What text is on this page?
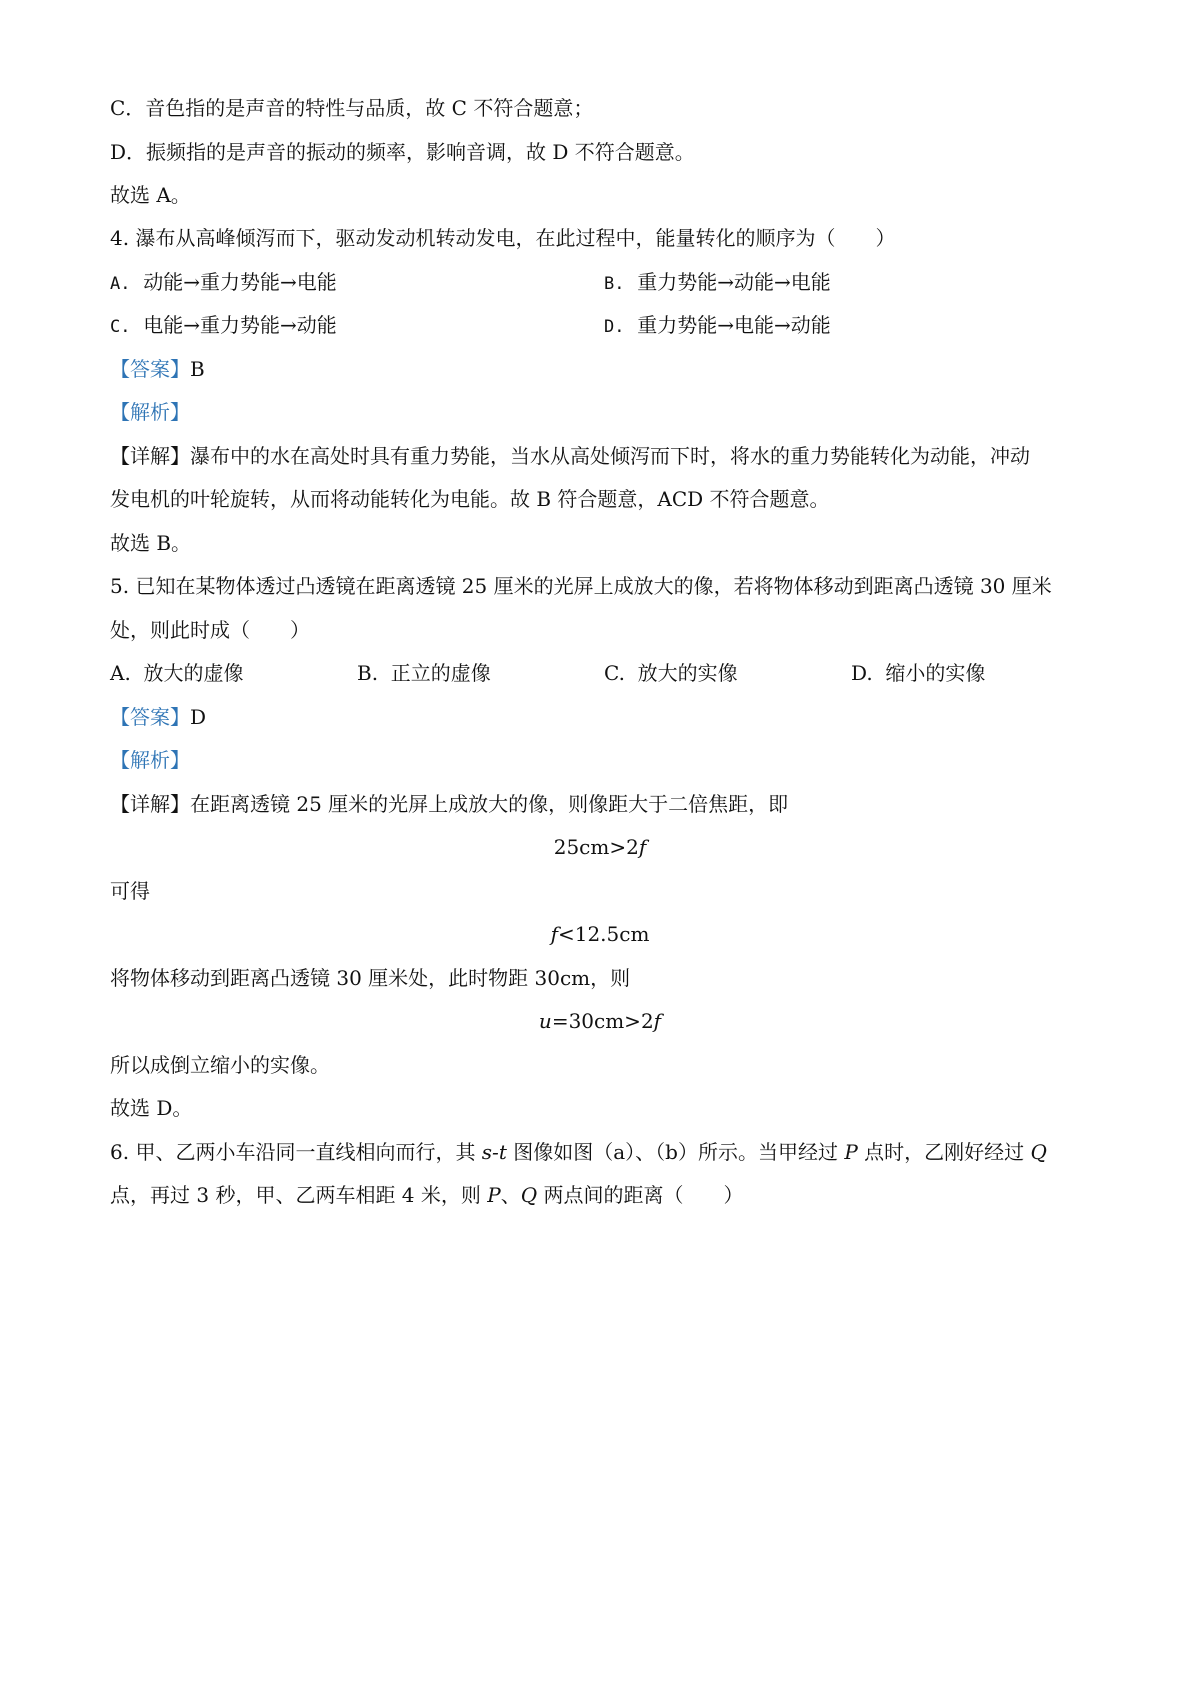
C．音色指的是声音的特性与品质，故 C 不符合题意；
D．振频指的是声音的振动的频率，影响音调，故 D 不符合题意。
故选 A。
4. 瀑布从高峰倾泻而下，驱动发动机转动发电，在此过程中，能量转化的顺序为（　　）
A. 动能→重力势能→电能	B. 重力势能→动能→电能
C. 电能→重力势能→动能	D. 重力势能→电能→动能
【答案】B
【解析】
【详解】瀑布中的水在高处时具有重力势能，当水从高处倾泻而下时，将水的重力势能转化为动能，冲动
发电机的叶轮旋转，从而将动能转化为电能。故 B 符合题意，ACD 不符合题意。
故选 B。
5. 已知在某物体透过凸透镜在距离透镜 25 厘米的光屏上成放大的像，若将物体移动到距离凸透镜 30 厘米
处，则此时成（　　）
A. 放大的虚像	B. 正立的虚像	C. 放大的实像	D. 缩小的实像
【答案】D
【解析】
【详解】在距离透镜 25 厘米的光屏上成放大的像，则像距大于二倍焦距，即
25cm>2f
可得
f<12.5cm
将物体移动到距离凸透镜 30 厘米处，此时物距 30cm，则
u=30cm>2f
所以成倒立缩小的实像。
故选 D。
6. 甲、乙两小车沿同一直线相向而行，其 s-t 图像如图（a）、（b）所示。当甲经过 P 点时，乙刚好经过 Q
点，再过 3 秒，甲、乙两车相距 4 米，则 P、Q 两点间的距离（　　）
